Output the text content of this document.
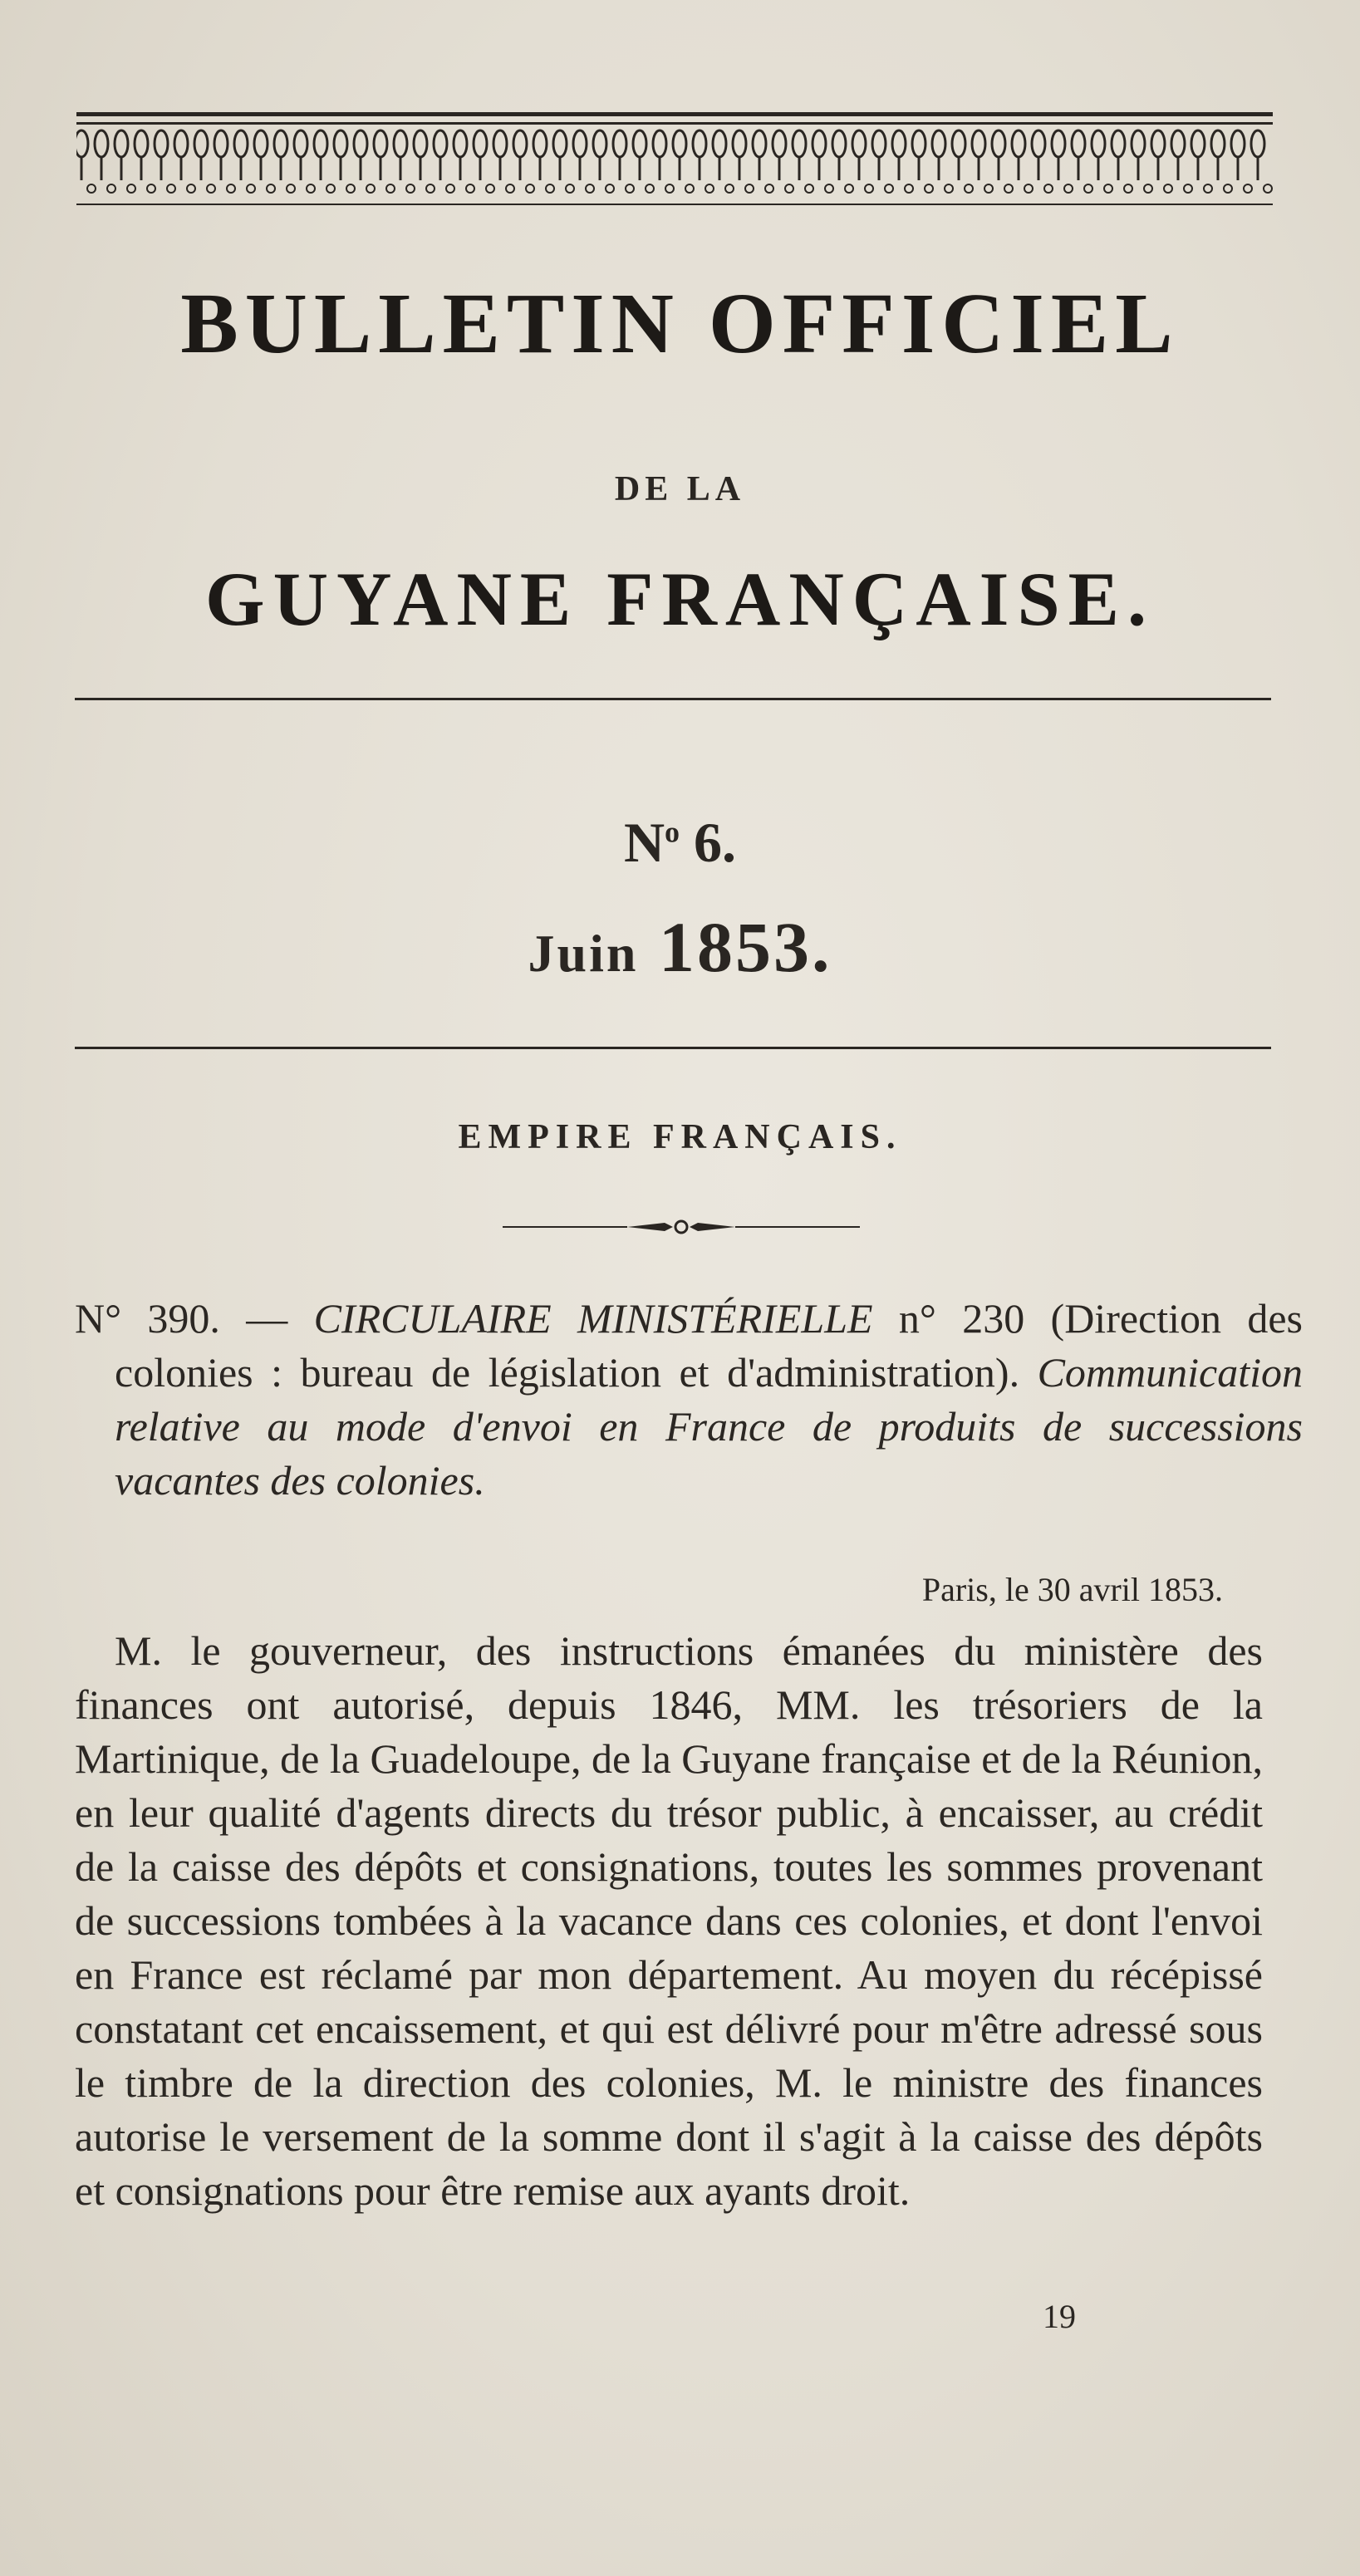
BULLETIN OFFICIEL
DE LA
GUYANE FRANÇAISE.
$N^o$ 6.
Juin 1853.
EMPIRE FRANÇAIS.
N° 390. — CIRCULAIRE MINISTÉRIELLE n° 230 (Direction des colonies : bureau de législation et d'administration). Communication relative au mode d'envoi en France de produits de successions vacantes des colonies.
Paris, le 30 avril 1853.
M. le gouverneur, des instructions émanées du ministère des finances ont autorisé, depuis 1846, MM. les trésoriers de la Martinique, de la Guadeloupe, de la Guyane française et de la Réunion, en leur qualité d'agents directs du trésor public, à encaisser, au crédit de la caisse des dépôts et consignations, toutes les sommes provenant de successions tombées à la vacance dans ces colonies, et dont l'envoi en France est réclamé par mon département. Au moyen du récépissé constatant cet encaissement, et qui est délivré pour m'être adressé sous le timbre de la direction des colonies, M. le ministre des finances autorise le versement de la somme dont il s'agit à la caisse des dépôts et consignations pour être remise aux ayants droit.
19
